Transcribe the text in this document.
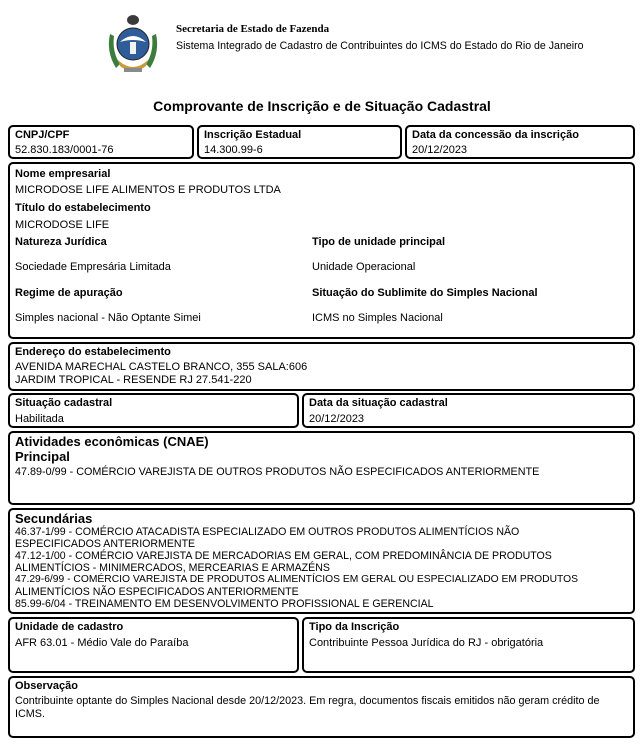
Secretaria de Estado de Fazenda
Sistema Integrado de Cadastro de Contribuintes do ICMS do Estado do Rio de Janeiro
Comprovante de Inscrição e de Situação Cadastral
CNPJ/CPF
52.830.183/0001-76
Inscrição Estadual
14.300.99-6
Data da concessão da inscrição
20/12/2023
Nome empresarial
MICRODOSE LIFE ALIMENTOS E PRODUTOS LTDA
Título do estabelecimento
MICRODOSE LIFE
Natureza Jurídica	Tipo de unidade principal
Sociedade Empresária Limitada	Unidade Operacional
Regime de apuração	Situação do Sublimite do Simples Nacional
Simples nacional - Não Optante Simei	ICMS no Simples Nacional
Endereço do estabelecimento
AVENIDA MARECHAL CASTELO BRANCO, 355 SALA:606
JARDIM TROPICAL - RESENDE RJ 27.541-220
Situação cadastral
Habilitada
Data da situação cadastral
20/12/2023
Atividades econômicas (CNAE)
Principal
47.89-0/99 - COMÉRCIO VAREJISTA DE OUTROS PRODUTOS NÃO ESPECIFICADOS ANTERIORMENTE
Secundárias
46.37-1/99 - COMÉRCIO ATACADISTA ESPECIALIZADO EM OUTROS PRODUTOS ALIMENTÍCIOS NÃO
ESPECIFICADOS ANTERIORMENTE
47.12-1/00 - COMÉRCIO VAREJISTA DE MERCADORIAS EM GERAL, COM PREDOMINÂNCIA DE PRODUTOS
ALIMENTÍCIOS - MINIMERCADOS, MERCEARIAS E ARMAZÉNS
47.29-6/99 - COMÉRCIO VAREJISTA DE PRODUTOS ALIMENTÍCIOS EM GERAL OU ESPECIALIZADO EM PRODUTOS
ALIMENTÍCIOS NÃO ESPECIFICADOS ANTERIORMENTE
85.99-6/04 - TREINAMENTO EM DESENVOLVIMENTO PROFISSIONAL E GERENCIAL
Unidade de cadastro
AFR 63.01 - Médio Vale do Paraíba
Tipo da Inscrição
Contribuinte Pessoa Jurídica do RJ - obrigatória
Observação
Contribuinte optante do Simples Nacional desde 20/12/2023. Em regra, documentos fiscais emitidos não geram crédito de
ICMS.
